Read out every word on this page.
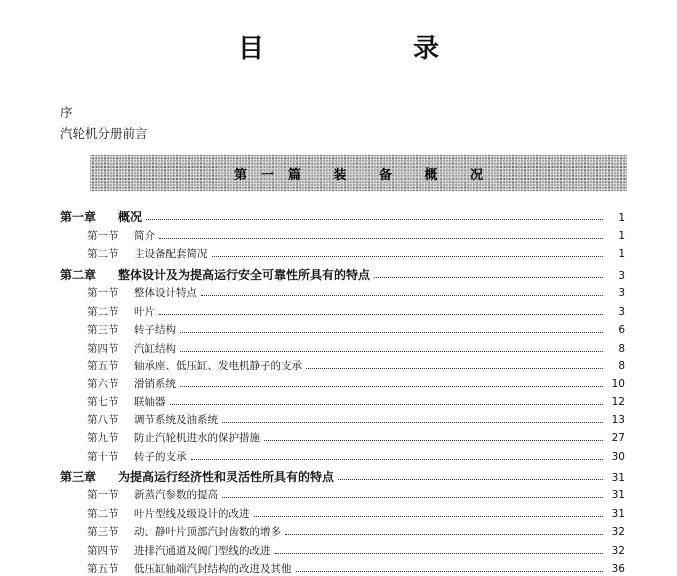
目 录
序
汽轮机分册前言
第一篇 装 备 概 况
第一章	概况	1
第一节	简介	1
第二节	主设备配套简况	1
第二章	整体设计及为提高运行安全可靠性所具有的特点	3
第一节	整体设计特点	3
第二节	叶片	3
第三节	转子结构	6
第四节	汽缸结构	8
第五节	轴承座、低压缸、发电机静子的支承	8
第六节	滑销系统	10
第七节	联轴器	12
第八节	调节系统及油系统	13
第九节	防止汽轮机进水的保护措施	27
第十节	转子的支承	30
第三章	为提高运行经济性和灵活性所具有的特点	31
第一节	新蒸汽参数的提高	31
第二节	叶片型线及级设计的改进	31
第三节	动、静叶片顶部汽封齿数的增多	32
第四节	进排汽通道及阀门型线的改进	32
第五节	低压缸轴端汽封结构的改进及其他	36
